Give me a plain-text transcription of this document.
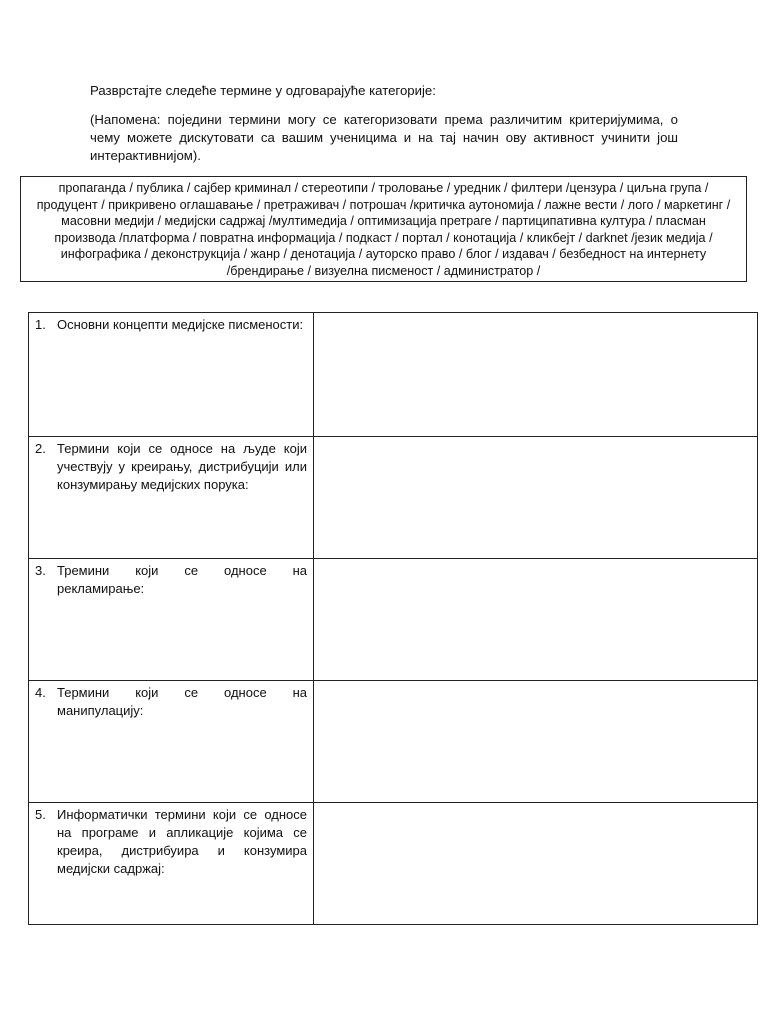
Разврстајте следеће термине у одговарајуће категорије:
(Напомена: поједини термини могу се категоризовати према различитим критеријумима, о чему можете дискутовати са вашим ученицима и на тај начин ову активност учинити још интерактивнијом).
пропаганда / публика / сајбер криминал / стереотипи / троловање / уредник / филтери /цензура / циљна група /
продуцент / прикривено оглашавање / претраживач / потрошач /критичка аутономија / лажне вести / лого / маркетинг /
масовни медији / медијски садржај /мултимедија / оптимизација претраге / партиципативна култура / пласман
производа /платформа / повратна информација / подкаст / портал / конотација / кликбејт / darknet /језик медија /
инфографика / деконструкција / жанр / денотација / ауторско право / блог / издавач / безбедност на интернету
/брендирање / визуелна писменост / администратор /
1. Основни концепти медијске писмености:	

2. Термини који се односе на људе који учествују у креирању, дистрибуцији или конзумирању медијских порука:	

3. Тремини који се односе на рекламирање:	

4. Термини који се односе на манипулацију:	

5. Информатички термини који се односе на програме и апликације којима се креира, дистрибуира и конзумира медијски садржај:	
